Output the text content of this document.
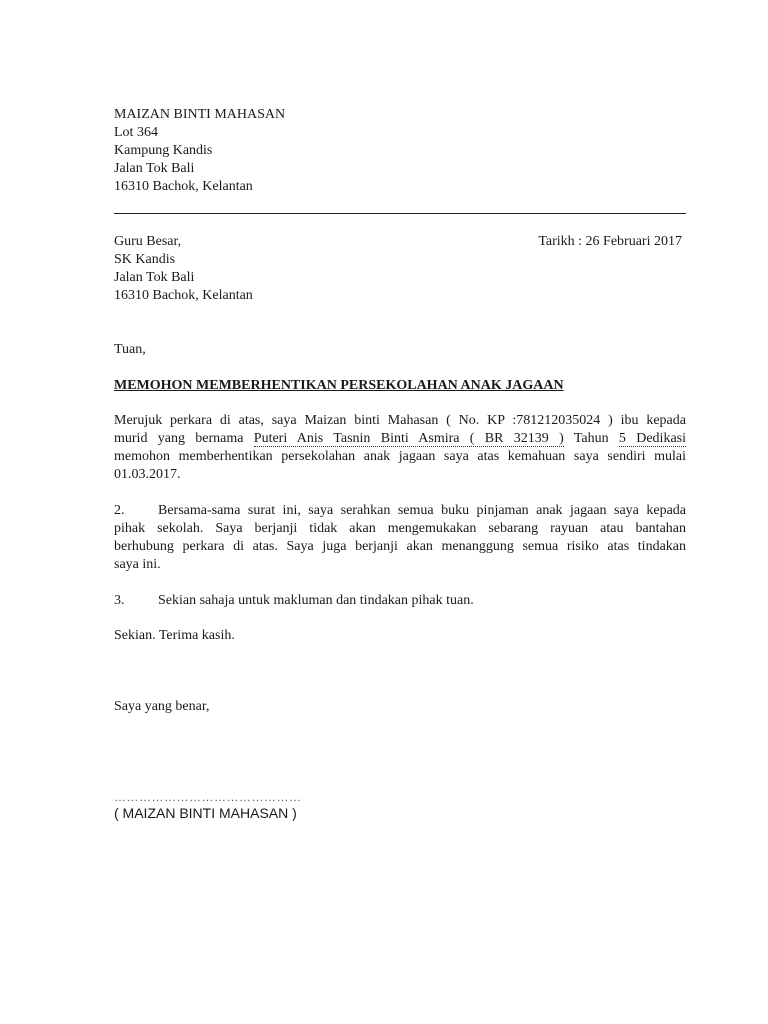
MAIZAN BINTI MAHASAN
Lot 364
Kampung Kandis
Jalan Tok Bali
16310 Bachok, Kelantan
Guru Besar,
SK Kandis
Jalan Tok Bali
16310 Bachok, Kelantan
Tarikh : 26 Februari 2017
Tuan,
MEMOHON MEMBERHENTIKAN PERSEKOLAHAN ANAK JAGAAN
Merujuk perkara di atas, saya Maizan binti Mahasan ( No. KP :781212035024 ) ibu kepada
murid yang bernama Puteri Anis Tasnin Binti Asmira ( BR 32139 ) Tahun 5 Dedikasi
memohon memberhentikan persekolahan anak jagaan saya atas kemahuan saya sendiri mulai
01.03.2017.
2. Bersama-sama surat ini, saya serahkan semua buku pinjaman anak jagaan saya kepada
pihak sekolah. Saya berjanji tidak akan mengemukakan sebarang rayuan atau bantahan
berhubung perkara di atas. Saya juga berjanji akan menanggung semua risiko atas tindakan
saya ini.
3. Sekian sahaja untuk makluman dan tindakan pihak tuan.
Sekian. Terima kasih.
Saya yang benar,
………………………………………
( MAIZAN BINTI MAHASAN )
